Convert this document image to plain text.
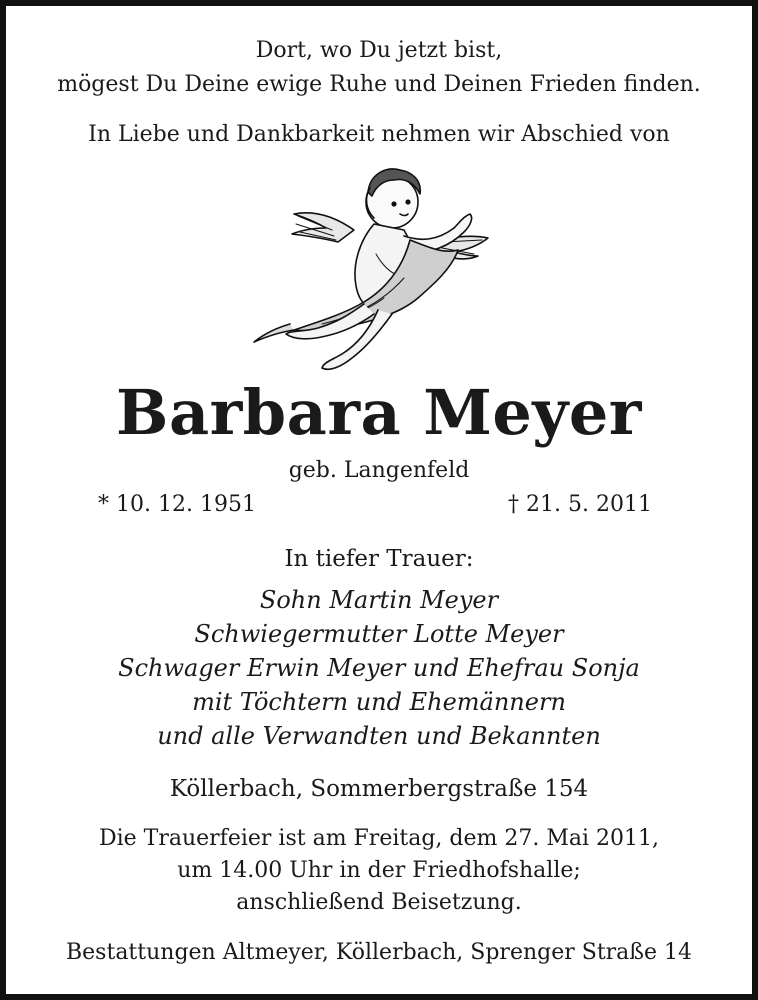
Dort, wo Du jetzt bist,

mögest Du Deine ewige Ruhe und Deinen Frieden finden.

In Liebe und Dankbarkeit nehmen wir Abschied von

Barbara Meyer

geb. Langenfeld

* 10. 12. 1951	† 21. 5. 2011

In tiefer Trauer:

Sohn Martin Meyer

Schwiegermutter Lotte Meyer

Schwager Erwin Meyer und Ehefrau Sonja

mit Töchtern und Ehemännern

und alle Verwandten und Bekannten

Köllerbach, Sommerbergstraße 154

Die Trauerfeier ist am Freitag, dem 27. Mai 2011,

um 14.00 Uhr in der Friedhofshalle;

anschließend Beisetzung.

Bestattungen Altmeyer, Köllerbach, Sprenger Straße 14
